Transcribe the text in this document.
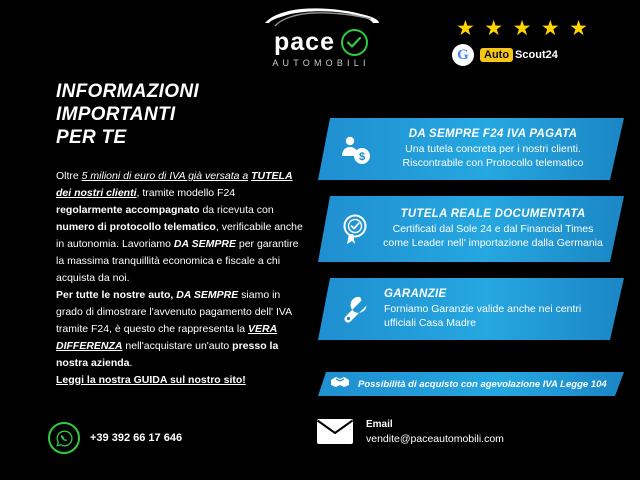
pace
AUTOMOBILI
★ ★ ★ ★ ★
G	Auto Scout24
INFORMAZIONI
IMPORTANTI
PER TE

Oltre 5 milioni di euro di IVA già versata a TUTELA dei nostri clienti, tramite modello F24 regolarmente accompagnato da ricevuta con numero di protocollo telematico, verificabile anche in autonomia. Lavoriamo DA SEMPRE per garantire la massima tranquillità economica e fiscale a chi acquista da noi.

Per tutte le nostre auto, DA SEMPRE siamo in grado di dimostrare l'avvenuto pagamento dell' IVA tramite F24, è questo che rappresenta la VERA DIFFERENZA nell'acquistare un'auto presso la nostra azienda.

Leggi la nostra GUIDA sul nostro sito!

$
DA SEMPRE F24 IVA PAGATA
Una tutela concreta per i nostri clienti.
Riscontrabile con Protocollo telematico
TUTELA REALE DOCUMENTATA
Certificati dal Sole 24 e dal Financial Times
come Leader nell' importazione dalla Germania
GARANZIE
Forniamo Garanzie valide anche nei centri
ufficiali Casa Madre
Possibilità di acquisto con agevolazione IVA Legge 104
+39 392 66 17 646
Email
vendite@paceautomobili.com
